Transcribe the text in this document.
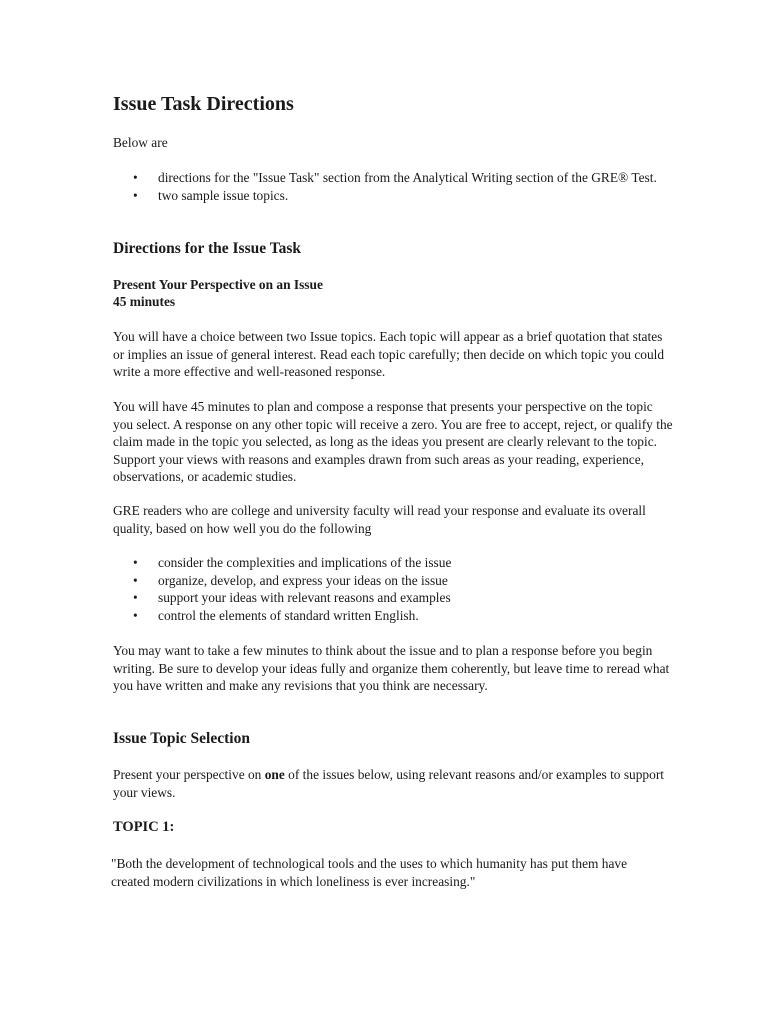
Issue Task Directions

Below are

• directions for the "Issue Task" section from the Analytical Writing section of the GRE® Test.
• two sample issue topics.
Directions for the Issue Task
Present Your Perspective on an Issue
45 minutes

You will have a choice between two Issue topics. Each topic will appear as a brief quotation that states or implies an issue of general interest. Read each topic carefully; then decide on which topic you could write a more effective and well-reasoned response.

You will have 45 minutes to plan and compose a response that presents your perspective on the topic you select. A response on any other topic will receive a zero. You are free to accept, reject, or qualify the claim made in the topic you selected, as long as the ideas you present are clearly relevant to the topic. Support your views with reasons and examples drawn from such areas as your reading, experience, observations, or academic studies.

GRE readers who are college and university faculty will read your response and evaluate its overall quality, based on how well you do the following

• consider the complexities and implications of the issue
• organize, develop, and express your ideas on the issue
• support your ideas with relevant reasons and examples
• control the elements of standard written English.

You may want to take a few minutes to think about the issue and to plan a response before you begin writing. Be sure to develop your ideas fully and organize them coherently, but leave time to reread what you have written and make any revisions that you think are necessary.

Issue Topic Selection

Present your perspective on one of the issues below, using relevant reasons and/or examples to support your views.

TOPIC 1:

"Both the development of technological tools and the uses to which humanity has put them have created modern civilizations in which loneliness is ever increasing."
